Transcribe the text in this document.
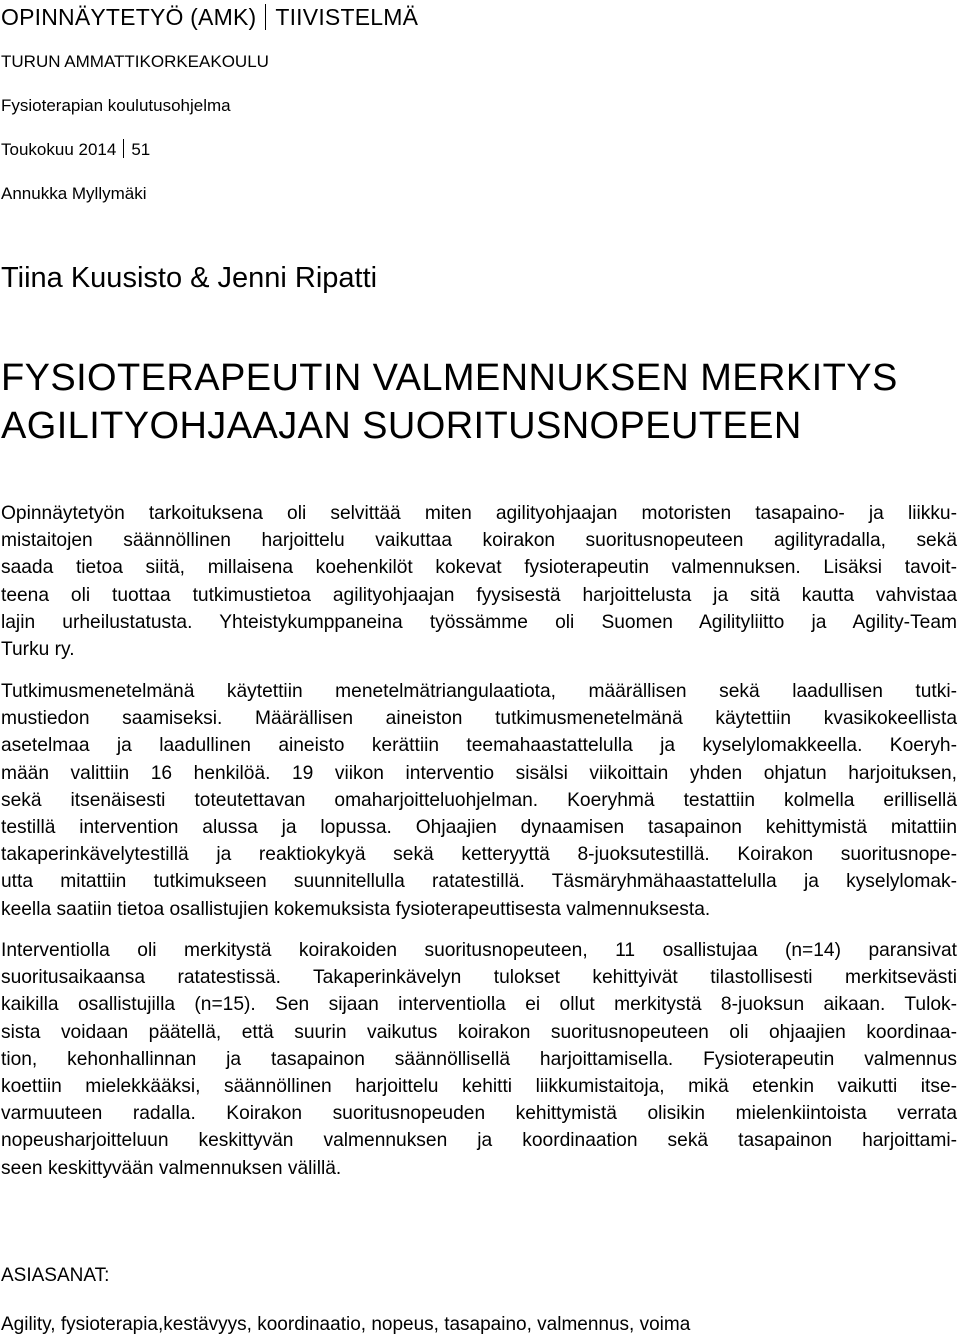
OPINNÄYTETYÖ (AMK) TIIVISTELMÄ
TURUN AMMATTIKORKEAKOULU
Fysioterapian koulutusohjelma
Toukokuu 2014 51
Annukka Myllymäki
Tiina Kuusisto & Jenni Ripatti
FYSIOTERAPEUTIN VALMENNUKSEN MERKITYS
AGILITYOHJAAJAN SUORITUSNOPEUTEEN

Opinnäytetyön tarkoituksena oli selvittää miten agilityohjaajan motoristen tasapaino- ja liikku-
mistaitojen säännöllinen harjoittelu vaikuttaa koirakon suoritusnopeuteen agilityradalla, sekä
saada tietoa siitä, millaisena koehenkilöt kokevat fysioterapeutin valmennuksen. Lisäksi tavoit-
teena oli tuottaa tutkimustietoa agilityohjaajan fyysisestä harjoittelusta ja sitä kautta vahvistaa
lajin urheilustatusta. Yhteistykumppaneina työssämme oli Suomen Agilityliitto ja Agility-Team
Turku ry.

Tutkimusmenetelmänä käytettiin menetelmätriangulaatiota, määrällisen sekä laadullisen tutki-
mustiedon saamiseksi. Määrällisen aineiston tutkimusmenetelmänä käytettiin kvasikokeellista
asetelmaa ja laadullinen aineisto kerättiin teemahaastattelulla ja kyselylomakkeella. Koeryh-
mään valittiin 16 henkilöä. 19 viikon interventio sisälsi viikoittain yhden ohjatun harjoituksen,
sekä itsenäisesti toteutettavan omaharjoitteluohjelman. Koeryhmä testattiin kolmella erillisellä
testillä intervention alussa ja lopussa. Ohjaajien dynaamisen tasapainon kehittymistä mitattiin
takaperinkävelytestillä ja reaktiokykyä sekä ketteryyttä 8-juoksutestillä. Koirakon suoritusnope-
utta mitattiin tutkimukseen suunnitellulla ratatestillä. Täsmäryhmähaastattelulla ja kyselylomak-
keella saatiin tietoa osallistujien kokemuksista fysioterapeuttisesta valmennuksesta.

Interventiolla oli merkitystä koirakoiden suoritusnopeuteen, 11 osallistujaa (n=14) paransivat
suoritusaikaansa ratatestissä. Takaperinkävelyn tulokset kehittyivät tilastollisesti merkitsevästi
kaikilla osallistujilla (n=15). Sen sijaan interventiolla ei ollut merkitystä 8-juoksun aikaan. Tulok-
sista voidaan päätellä, että suurin vaikutus koirakon suoritusnopeuteen oli ohjaajien koordinaa-
tion, kehonhallinnan ja tasapainon säännöllisellä harjoittamisella. Fysioterapeutin valmennus
koettiin mielekkääksi, säännöllinen harjoittelu kehitti liikkumistaitoja, mikä etenkin vaikutti itse-
varmuuteen radalla. Koirakon suoritusnopeuden kehittymistä olisikin mielenkiintoista verrata
nopeusharjoitteluun keskittyvän valmennuksen ja koordinaation sekä tasapainon harjoittami-
seen keskittyvään valmennuksen välillä.

ASIASANAT:
Agility, fysioterapia,kestävyys, koordinaatio, nopeus, tasapaino, valmennus, voima
